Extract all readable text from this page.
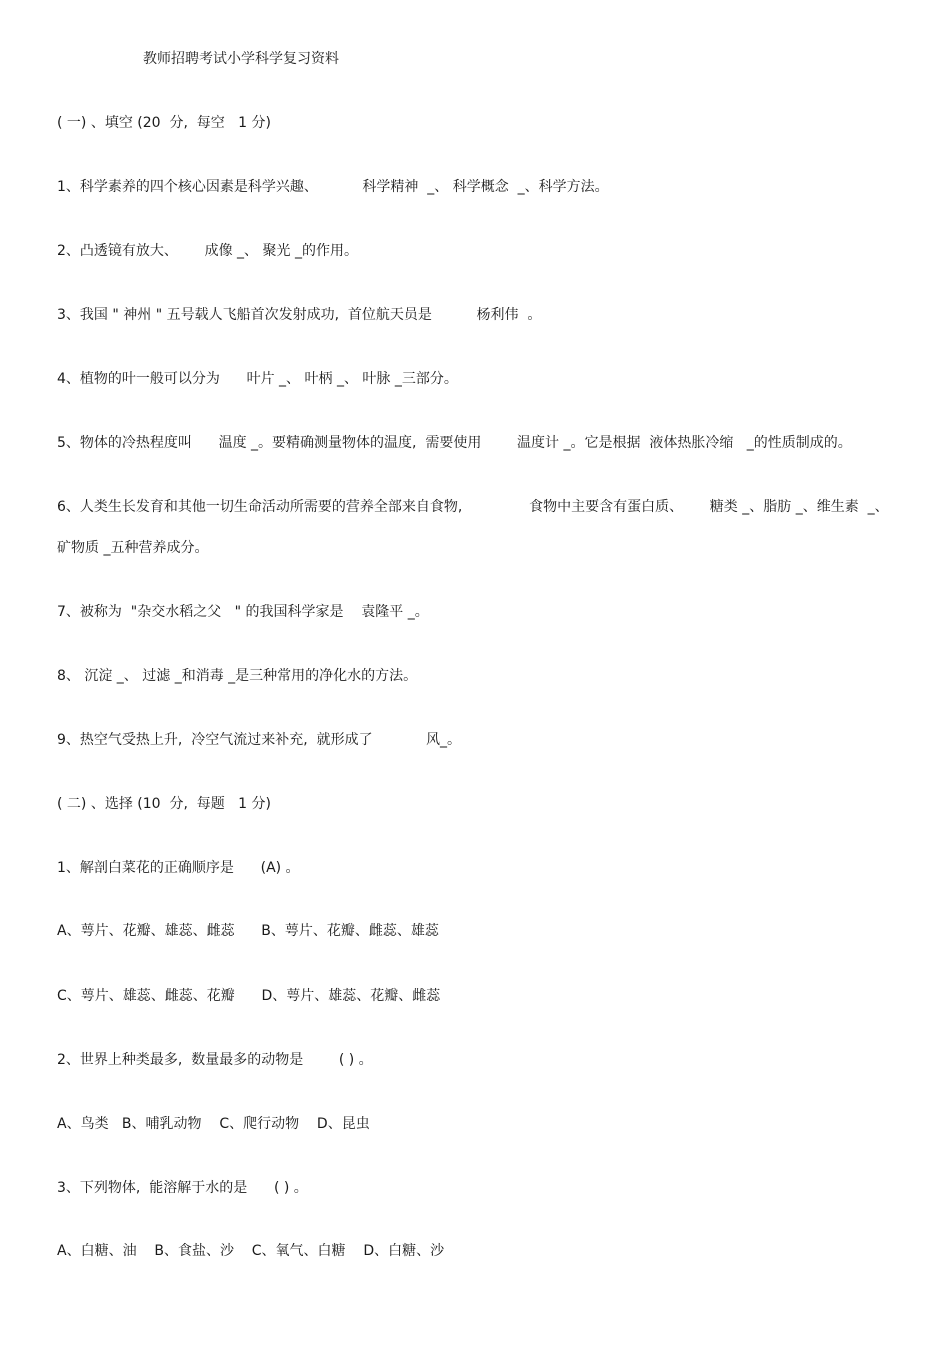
教师招聘考试小学科学复习资料
( 一) 、填空 (20  分,  每空   1 分)
1、科学素养的四个核心因素是科学兴趣、          科学精神  _、 科学概念  _、科学方法。
2、凸透镜有放大、      成像 _、 聚光 _的作用。
3、我国 " 神州 " 五号载人飞船首次发射成功,  首位航天员是          杨利伟  。
4、植物的叶一般可以分为      叶片 _、 叶柄 _、 叶脉 _三部分。
5、物体的冷热程度叫      温度 _。要精确测量物体的温度,  需要使用        温度计 _。它是根据  液体热胀冷缩   _的性质制成的。
6、人类生长发育和其他一切生命活动所需要的营养全部来自食物,               食物中主要含有蛋白质、      糖类 _、脂肪 _、维生素  _、
矿物质 _五种营养成分。
7、被称为  "杂交水稻之父   " 的我国科学家是    袁隆平 _。
8、 沉淀 _、 过滤 _和消毒 _是三种常用的净化水的方法。
9、热空气受热上升,  冷空气流过来补充,  就形成了            风_。
( 二) 、选择 (10  分,  每题   1 分)
1、解剖白菜花的正确顺序是      (A) 。
A、萼片、花瓣、雄蕊、雌蕊      B、萼片、花瓣、雌蕊、雄蕊
C、萼片、雄蕊、雌蕊、花瓣      D、萼片、雄蕊、花瓣、雌蕊
2、世界上种类最多,  数量最多的动物是        ( ) 。
A、鸟类   B、哺乳动物    C、爬行动物    D、昆虫
3、下列物体,  能溶解于水的是      ( ) 。
A、白糖、油    B、食盐、沙    C、氧气、白糖    D、白糖、沙
